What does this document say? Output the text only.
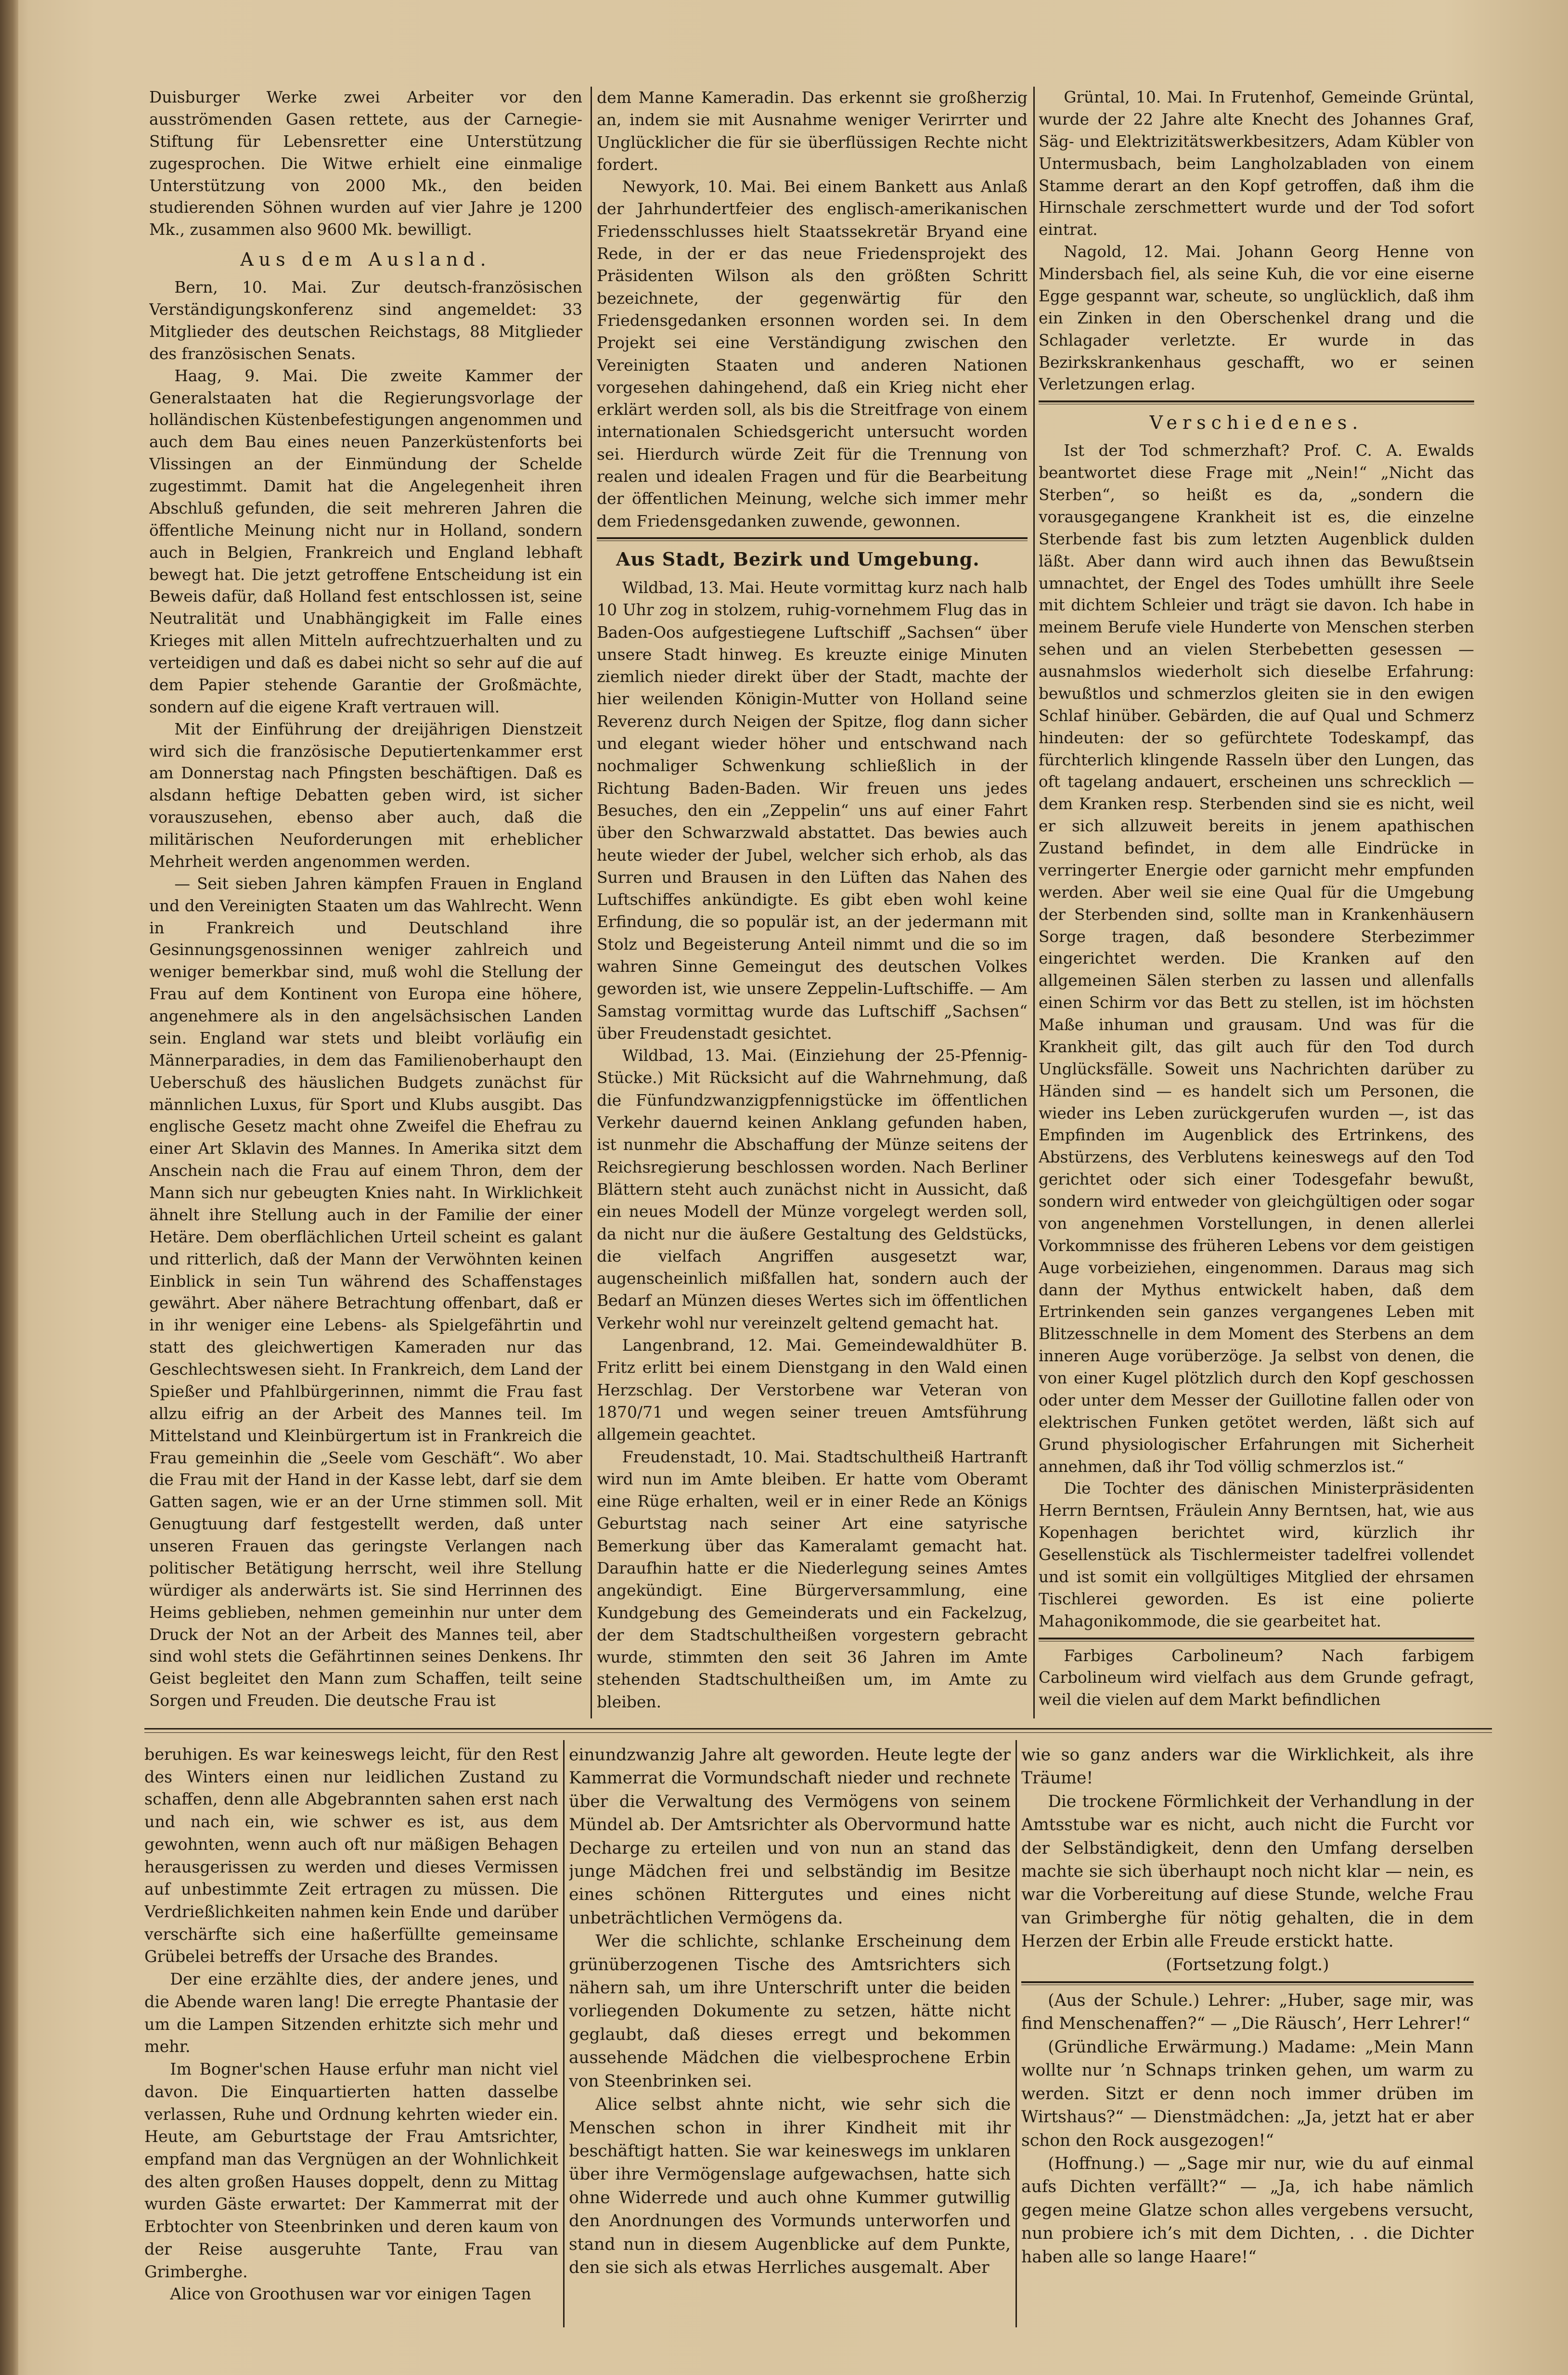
Duisburger Werke zwei Arbeiter vor den ausströmenden Gasen rettete, aus der Carnegie-Stiftung für Lebensretter eine Unterstützung zugesprochen. Die Witwe erhielt eine einmalige Unterstützung von 2000 Mk., den beiden studierenden Söhnen wurden auf vier Jahre je 1200 Mk., zusammen also 9600 Mk. bewilligt.

Aus dem Ausland.

Bern, 10. Mai. Zur deutsch-französischen Verständigungskonferenz sind angemeldet: 33 Mitglieder des deutschen Reichstags, 88 Mitglieder des französischen Senats.

Haag, 9. Mai. Die zweite Kammer der Generalstaaten hat die Regierungsvorlage der holländischen Küstenbefestigungen angenommen und auch dem Bau eines neuen Panzerküstenforts bei Vlissingen an der Einmündung der Schelde zugestimmt. Damit hat die Angelegenheit ihren Abschluß gefunden, die seit mehreren Jahren die öffentliche Meinung nicht nur in Holland, sondern auch in Belgien, Frankreich und England lebhaft bewegt hat. Die jetzt getroffene Entscheidung ist ein Beweis dafür, daß Holland fest entschlossen ist, seine Neutralität und Unabhängigkeit im Falle eines Krieges mit allen Mitteln aufrechtzuerhalten und zu verteidigen und daß es dabei nicht so sehr auf die auf dem Papier stehende Garantie der Großmächte, sondern auf die eigene Kraft vertrauen will.

Mit der Einführung der dreijährigen Dienstzeit wird sich die französische Deputiertenkammer erst am Donnerstag nach Pfingsten beschäftigen. Daß es alsdann heftige Debatten geben wird, ist sicher vorauszusehen, ebenso aber auch, daß die militärischen Neuforderungen mit erheblicher Mehrheit werden angenommen werden.

— Seit sieben Jahren kämpfen Frauen in England und den Vereinigten Staaten um das Wahlrecht. Wenn in Frankreich und Deutschland ihre Gesinnungsgenossinnen weniger zahlreich und weniger bemerkbar sind, muß wohl die Stellung der Frau auf dem Kontinent von Europa eine höhere, angenehmere als in den angelsächsischen Landen sein. England war stets und bleibt vorläufig ein Männerparadies, in dem das Familienoberhaupt den Ueberschuß des häuslichen Budgets zunächst für männlichen Luxus, für Sport und Klubs ausgibt. Das englische Gesetz macht ohne Zweifel die Ehefrau zu einer Art Sklavin des Mannes. In Amerika sitzt dem Anschein nach die Frau auf einem Thron, dem der Mann sich nur gebeugten Knies naht. In Wirklichkeit ähnelt ihre Stellung auch in der Familie der einer Hetäre. Dem oberflächlichen Urteil scheint es galant und ritterlich, daß der Mann der Verwöhnten keinen Einblick in sein Tun während des Schaffenstages gewährt. Aber nähere Betrachtung offenbart, daß er in ihr weniger eine Lebens- als Spielgefährtin und statt des gleichwertigen Kameraden nur das Geschlechtswesen sieht. In Frankreich, dem Land der Spießer und Pfahlbürgerinnen, nimmt die Frau fast allzu eifrig an der Arbeit des Mannes teil. Im Mittelstand und Kleinbürgertum ist in Frankreich die Frau gemeinhin die „Seele vom Geschäft“. Wo aber die Frau mit der Hand in der Kasse lebt, darf sie dem Gatten sagen, wie er an der Urne stimmen soll. Mit Genugtuung darf festgestellt werden, daß unter unseren Frauen das geringste Verlangen nach politischer Betätigung herrscht, weil ihre Stellung würdiger als anderwärts ist. Sie sind Herrinnen des Heims geblieben, nehmen gemeinhin nur unter dem Druck der Not an der Arbeit des Mannes teil, aber sind wohl stets die Gefährtinnen seines Denkens. Ihr Geist begleitet den Mann zum Schaffen, teilt seine Sorgen und Freuden. Die deutsche Frau ist

dem Manne Kameradin. Das erkennt sie großherzig an, indem sie mit Ausnahme weniger Verirrter und Unglücklicher die für sie überflüssigen Rechte nicht fordert.

Newyork, 10. Mai. Bei einem Bankett aus Anlaß der Jahrhundertfeier des englisch-amerikanischen Friedensschlusses hielt Staatssekretär Bryand eine Rede, in der er das neue Friedensprojekt des Präsidenten Wilson als den größten Schritt bezeichnete, der gegenwärtig für den Friedensgedanken ersonnen worden sei. In dem Projekt sei eine Verständigung zwischen den Vereinigten Staaten und anderen Nationen vorgesehen dahingehend, daß ein Krieg nicht eher erklärt werden soll, als bis die Streitfrage von einem internationalen Schiedsgericht untersucht worden sei. Hierdurch würde Zeit für die Trennung von realen und idealen Fragen und für die Bearbeitung der öffentlichen Meinung, welche sich immer mehr dem Friedensgedanken zuwende, gewonnen.

Aus Stadt, Bezirk und Umgebung.

Wildbad, 13. Mai. Heute vormittag kurz nach halb 10 Uhr zog in stolzem, ruhig-vornehmem Flug das in Baden-Oos aufgestiegene Luftschiff „Sachsen“ über unsere Stadt hinweg. Es kreuzte einige Minuten ziemlich nieder direkt über der Stadt, machte der hier weilenden Königin-Mutter von Holland seine Reverenz durch Neigen der Spitze, flog dann sicher und elegant wieder höher und entschwand nach nochmaliger Schwenkung schließlich in der Richtung Baden-Baden. Wir freuen uns jedes Besuches, den ein „Zeppelin“ uns auf einer Fahrt über den Schwarzwald abstattet. Das bewies auch heute wieder der Jubel, welcher sich erhob, als das Surren und Brausen in den Lüften das Nahen des Luftschiffes ankündigte. Es gibt eben wohl keine Erfindung, die so populär ist, an der jedermann mit Stolz und Begeisterung Anteil nimmt und die so im wahren Sinne Gemeingut des deutschen Volkes geworden ist, wie unsere Zeppelin-Luftschiffe. — Am Samstag vormittag wurde das Luftschiff „Sachsen“ über Freudenstadt gesichtet.

Wildbad, 13. Mai. (Einziehung der 25-Pfennig-Stücke.) Mit Rücksicht auf die Wahrnehmung, daß die Fünfundzwanzigpfennigstücke im öffentlichen Verkehr dauernd keinen Anklang gefunden haben, ist nunmehr die Abschaffung der Münze seitens der Reichsregierung beschlossen worden. Nach Berliner Blättern steht auch zunächst nicht in Aussicht, daß ein neues Modell der Münze vorgelegt werden soll, da nicht nur die äußere Gestaltung des Geldstücks, die vielfach Angriffen ausgesetzt war, augenscheinlich mißfallen hat, sondern auch der Bedarf an Münzen dieses Wertes sich im öffentlichen Verkehr wohl nur vereinzelt geltend gemacht hat.

Langenbrand, 12. Mai. Gemeindewaldhüter B. Fritz erlitt bei einem Dienstgang in den Wald einen Herzschlag. Der Verstorbene war Veteran von 1870/71 und wegen seiner treuen Amtsführung allgemein geachtet.

Freudenstadt, 10. Mai. Stadtschultheiß Hartranft wird nun im Amte bleiben. Er hatte vom Oberamt eine Rüge erhalten, weil er in einer Rede an Königs Geburtstag nach seiner Art eine satyrische Bemerkung über das Kameralamt gemacht hat. Daraufhin hatte er die Niederlegung seines Amtes angekündigt. Eine Bürgerversammlung, eine Kundgebung des Gemeinderats und ein Fackelzug, der dem Stadtschultheißen vorgestern gebracht wurde, stimmten den seit 36 Jahren im Amte stehenden Stadtschultheißen um, im Amte zu bleiben.

Grüntal, 10. Mai. In Frutenhof, Gemeinde Grüntal, wurde der 22 Jahre alte Knecht des Johannes Graf, Säg- und Elektrizitätswerkbesitzers, Adam Kübler von Untermusbach, beim Langholzabladen von einem Stamme derart an den Kopf getroffen, daß ihm die Hirnschale zerschmettert wurde und der Tod sofort eintrat.

Nagold, 12. Mai. Johann Georg Henne von Mindersbach fiel, als seine Kuh, die vor eine eiserne Egge gespannt war, scheute, so unglücklich, daß ihm ein Zinken in den Oberschenkel drang und die Schlagader verletzte. Er wurde in das Bezirkskrankenhaus geschafft, wo er seinen Verletzungen erlag.

Verschiedenes.

Ist der Tod schmerzhaft? Prof. C. A. Ewalds beantwortet diese Frage mit „Nein!“ „Nicht das Sterben“, so heißt es da, „sondern die vorausgegangene Krankheit ist es, die einzelne Sterbende fast bis zum letzten Augenblick dulden läßt. Aber dann wird auch ihnen das Bewußtsein umnachtet, der Engel des Todes umhüllt ihre Seele mit dichtem Schleier und trägt sie davon. Ich habe in meinem Berufe viele Hunderte von Menschen sterben sehen und an vielen Sterbebetten gesessen — ausnahmslos wiederholt sich dieselbe Erfahrung: bewußtlos und schmerzlos gleiten sie in den ewigen Schlaf hinüber. Gebärden, die auf Qual und Schmerz hindeuten: der so gefürchtete Todeskampf, das fürchterlich klingende Rasseln über den Lungen, das oft tagelang andauert, erscheinen uns schrecklich — dem Kranken resp. Sterbenden sind sie es nicht, weil er sich allzuweit bereits in jenem apathischen Zustand befindet, in dem alle Eindrücke in verringerter Energie oder garnicht mehr empfunden werden. Aber weil sie eine Qual für die Umgebung der Sterbenden sind, sollte man in Krankenhäusern Sorge tragen, daß besondere Sterbezimmer eingerichtet werden. Die Kranken auf den allgemeinen Sälen sterben zu lassen und allenfalls einen Schirm vor das Bett zu stellen, ist im höchsten Maße inhuman und grausam. Und was für die Krankheit gilt, das gilt auch für den Tod durch Unglücksfälle. Soweit uns Nachrichten darüber zu Händen sind — es handelt sich um Personen, die wieder ins Leben zurückgerufen wurden —, ist das Empfinden im Augenblick des Ertrinkens, des Abstürzens, des Verblutens keineswegs auf den Tod gerichtet oder sich einer Todesgefahr bewußt, sondern wird entweder von gleichgültigen oder sogar von angenehmen Vorstellungen, in denen allerlei Vorkommnisse des früheren Lebens vor dem geistigen Auge vorbeiziehen, eingenommen. Daraus mag sich dann der Mythus entwickelt haben, daß dem Ertrinkenden sein ganzes vergangenes Leben mit Blitzesschnelle in dem Moment des Sterbens an dem inneren Auge vorüberzöge. Ja selbst von denen, die von einer Kugel plötzlich durch den Kopf geschossen oder unter dem Messer der Guillotine fallen oder von elektrischen Funken getötet werden, läßt sich auf Grund physiologischer Erfahrungen mit Sicherheit annehmen, daß ihr Tod völlig schmerzlos ist.“

Die Tochter des dänischen Ministerpräsidenten Herrn Berntsen, Fräulein Anny Berntsen, hat, wie aus Kopenhagen berichtet wird, kürzlich ihr Gesellenstück als Tischlermeister tadelfrei vollendet und ist somit ein vollgültiges Mitglied der ehrsamen Tischlerei geworden. Es ist eine polierte Mahagonikommode, die sie gearbeitet hat.

Farbiges Carbolineum? Nach farbigem Carbolineum wird vielfach aus dem Grunde gefragt, weil die vielen auf dem Markt befindlichen

beruhigen. Es war keineswegs leicht, für den Rest des Winters einen nur leidlichen Zustand zu schaffen, denn alle Abgebrannten sahen erst nach und nach ein, wie schwer es ist, aus dem gewohnten, wenn auch oft nur mäßigen Behagen herausgerissen zu werden und dieses Vermissen auf unbestimmte Zeit ertragen zu müssen. Die Verdrießlichkeiten nahmen kein Ende und darüber verschärfte sich eine haßerfüllte gemeinsame Grübelei betreffs der Ursache des Brandes.

Der eine erzählte dies, der andere jenes, und die Abende waren lang! Die erregte Phantasie der um die Lampen Sitzenden erhitzte sich mehr und mehr.

Im Bogner'schen Hause erfuhr man nicht viel davon. Die Einquartierten hatten dasselbe verlassen, Ruhe und Ordnung kehrten wieder ein. Heute, am Geburtstage der Frau Amtsrichter, empfand man das Vergnügen an der Wohnlichkeit des alten großen Hauses doppelt, denn zu Mittag wurden Gäste erwartet: Der Kammerrat mit der Erbtochter von Steenbrinken und deren kaum von der Reise ausgeruhte Tante, Frau van Grimberghe.

Alice von Groothusen war vor einigen Tagen

einundzwanzig Jahre alt geworden. Heute legte der Kammerrat die Vormundschaft nieder und rechnete über die Verwaltung des Vermögens von seinem Mündel ab. Der Amtsrichter als Obervormund hatte Decharge zu erteilen und von nun an stand das junge Mädchen frei und selbständig im Besitze eines schönen Rittergutes und eines nicht unbeträchtlichen Vermögens da.

Wer die schlichte, schlanke Erscheinung dem grünüberzogenen Tische des Amtsrichters sich nähern sah, um ihre Unterschrift unter die beiden vorliegenden Dokumente zu setzen, hätte nicht geglaubt, daß dieses erregt und bekommen aussehende Mädchen die vielbesprochene Erbin von Steenbrinken sei.

Alice selbst ahnte nicht, wie sehr sich die Menschen schon in ihrer Kindheit mit ihr beschäftigt hatten. Sie war keineswegs im unklaren über ihre Vermögenslage aufgewachsen, hatte sich ohne Widerrede und auch ohne Kummer gutwillig den Anordnungen des Vormunds unterworfen und stand nun in diesem Augenblicke auf dem Punkte, den sie sich als etwas Herrliches ausgemalt. Aber

wie so ganz anders war die Wirklichkeit, als ihre Träume!

Die trockene Förmlichkeit der Verhandlung in der Amtsstube war es nicht, auch nicht die Furcht vor der Selbständigkeit, denn den Umfang derselben machte sie sich überhaupt noch nicht klar — nein, es war die Vorbereitung auf diese Stunde, welche Frau van Grimberghe für nötig gehalten, die in dem Herzen der Erbin alle Freude erstickt hatte.

(Fortsetzung folgt.)

(Aus der Schule.) Lehrer: „Huber, sage mir, was find Menschenaffen?“ — „Die Räusch’, Herr Lehrer!“

(Gründliche Erwärmung.) Madame: „Mein Mann wollte nur ’n Schnaps trinken gehen, um warm zu werden. Sitzt er denn noch immer drüben im Wirtshaus?“ — Dienstmädchen: „Ja, jetzt hat er aber schon den Rock ausgezogen!“

(Hoffnung.) — „Sage mir nur, wie du auf einmal aufs Dichten verfällt?“ — „Ja, ich habe nämlich gegen meine Glatze schon alles vergebens versucht, nun probiere ich’s mit dem Dichten, . . die Dichter haben alle so lange Haare!“
